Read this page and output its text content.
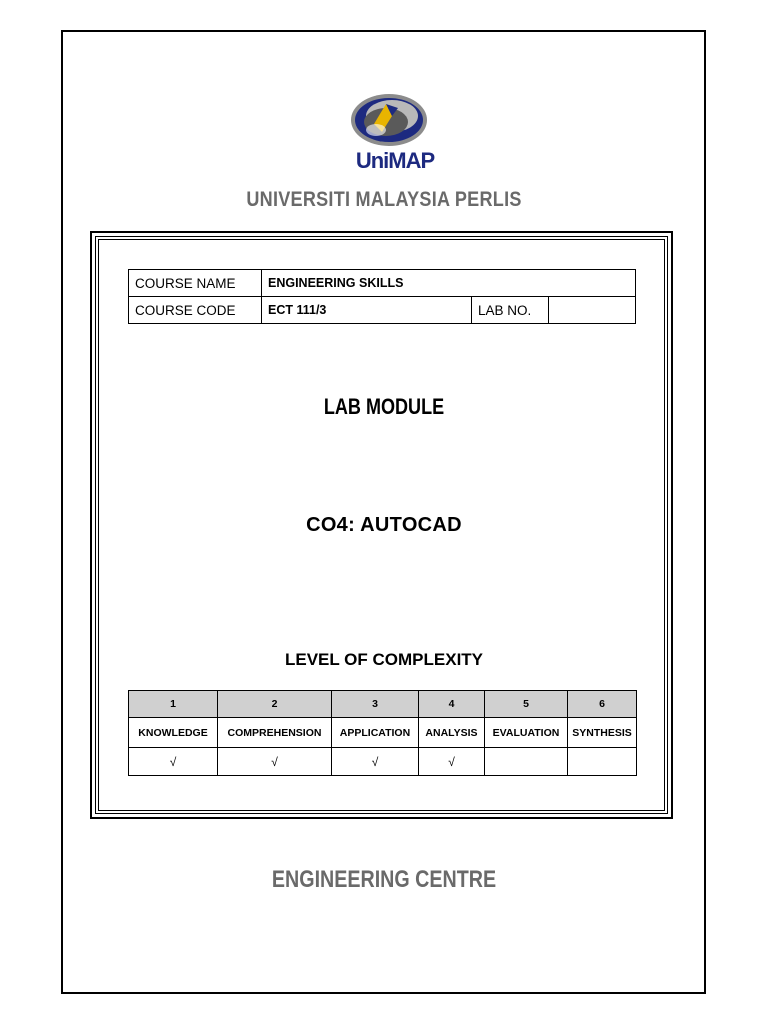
UniMAP
UNIVERSITI MALAYSIA PERLIS
COURSE NAME	ENGINEERING SKILLS		
COURSE CODE	ECT 111/3	LAB NO.	
LAB MODULE
CO4: AUTOCAD
LEVEL OF COMPLEXITY
1	2	3	4	5	6
KNOWLEDGE	COMPREHENSION	APPLICATION	ANALYSIS	EVALUATION	SYNTHESIS
√	√	√	√		
ENGINEERING CENTRE
